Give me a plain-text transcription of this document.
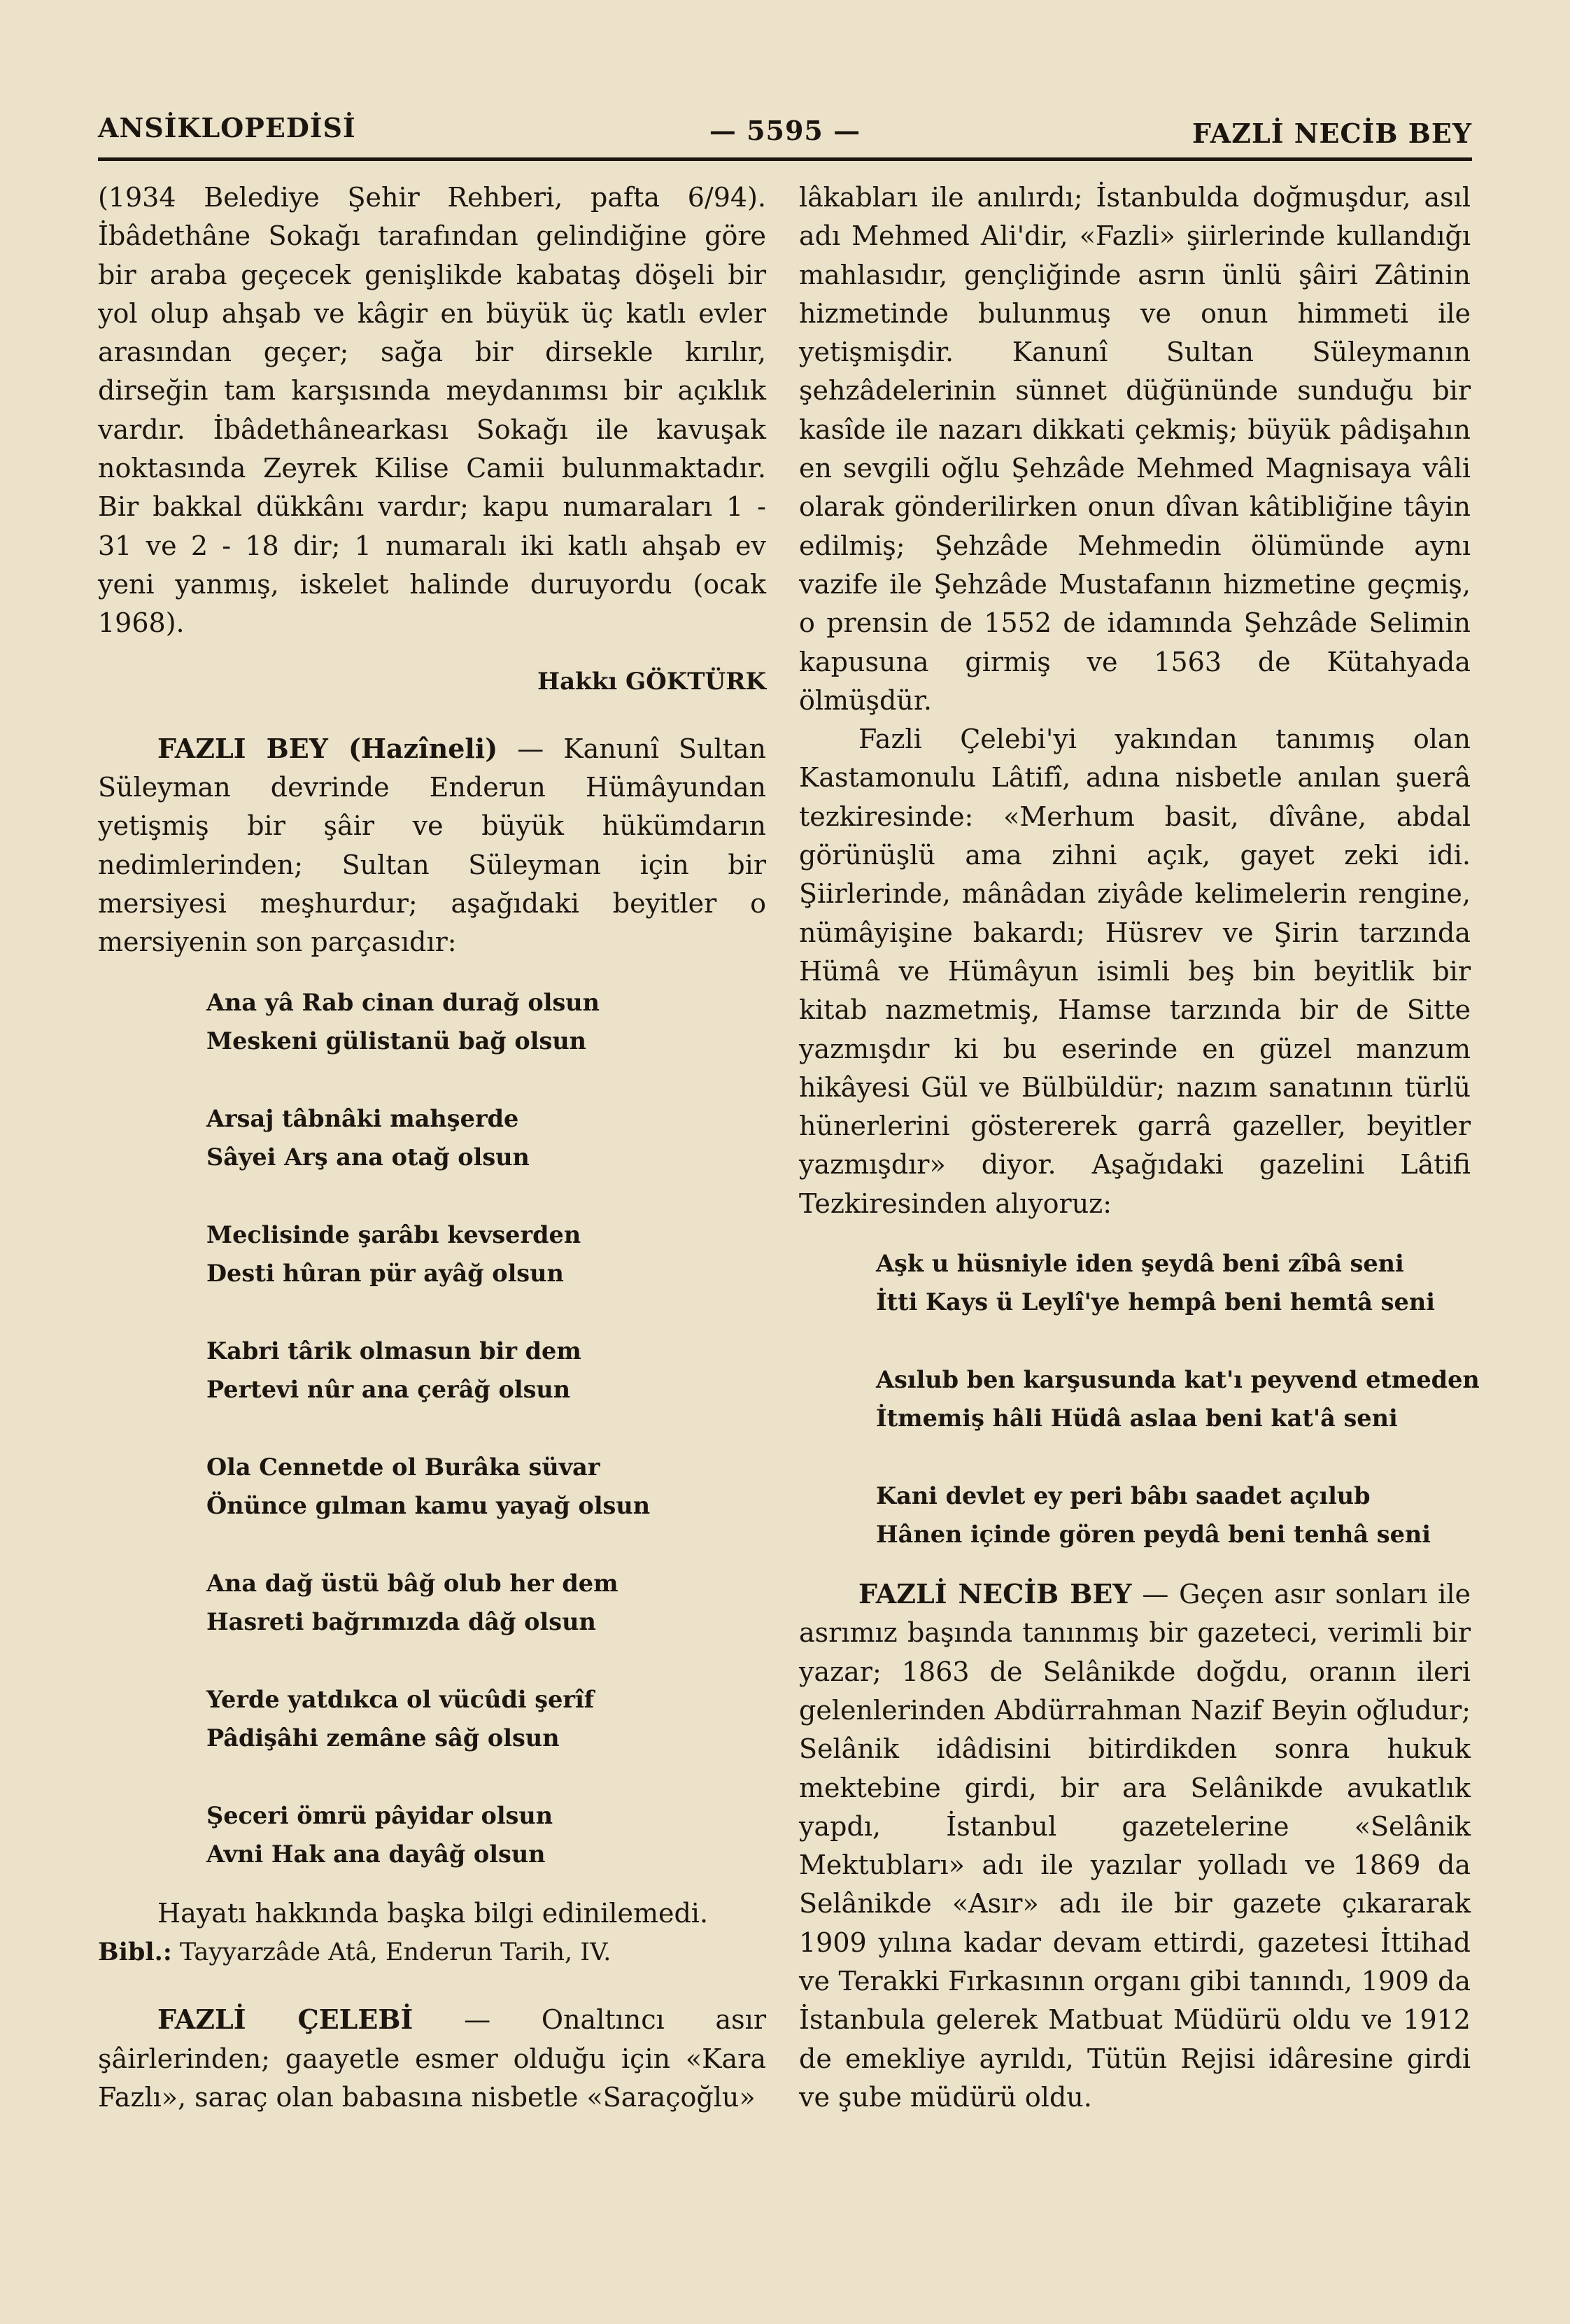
ANSİKLOPEDİSİ	— 5595 —	FAZLİ NECİB BEY

(1934 Belediye Şehir Rehberi, pafta 6/94). İbâdethâne Sokağı tarafından gelindiğine göre bir araba geçecek genişlikde kabataş döşeli bir yol olup ahşab ve kâgir en büyük üç katlı evler arasından geçer; sağa bir dirsekle kırılır, dirseğin tam karşısında meydanımsı bir açıklık vardır. İbâdethânearkası Sokağı ile kavuşak noktasında Zeyrek Kilise Camii bulunmaktadır. Bir bakkal dükkânı vardır; kapu numaraları 1 - 31 ve 2 - 18 dir; 1 numaralı iki katlı ahşab ev yeni yanmış, iskelet halinde duruyordu (ocak 1968).

Hakkı GÖKTÜRK

FAZLI BEY (Hazîneli) — Kanunî Sultan Süleyman devrinde Enderun Hümâyundan yetişmiş bir şâir ve büyük hükümdarın nedimlerinden; Sultan Süleyman için bir mersiyesi meşhurdur; aşağıdaki beyitler o mersiyenin son parçasıdır:

Ana yâ Rab cinan durağ olsun
Meskeni gülistanü bağ olsun
Arsaj tâbnâki mahşerde
Sâyei Arş ana otağ olsun
Meclisinde şarâbı kevserden
Desti hûran pür ayâğ olsun
Kabri târik olmasun bir dem
Pertevi nûr ana çerâğ olsun
Ola Cennetde ol Burâka süvar
Önünce gılman kamu yayağ olsun
Ana dağ üstü bâğ olub her dem
Hasreti bağrımızda dâğ olsun
Yerde yatdıkca ol vücûdi şerîf
Pâdişâhi zemâne sâğ olsun
Şeceri ömrü pâyidar olsun
Avni Hak ana dayâğ olsun

Hayatı hakkında başka bilgi edinilemedi.

Bibl.: Tayyarzâde Atâ, Enderun Tarih, IV.

FAZLİ ÇELEBİ — Onaltıncı asır şâirlerinden; gaayetle esmer olduğu için «Kara Fazlı», saraç olan babasına nisbetle «Saraçoğlu»

lâkabları ile anılırdı; İstanbulda doğmuşdur, asıl adı Mehmed Ali'dir, «Fazli» şiirlerinde kullandığı mahlasıdır, gençliğinde asrın ünlü şâiri Zâtinin hizmetinde bulunmuş ve onun himmeti ile yetişmişdir. Kanunî Sultan Süleymanın şehzâdelerinin sünnet düğününde sunduğu bir kasîde ile nazarı dikkati çekmiş; büyük pâdişahın en sevgili oğlu Şehzâde Mehmed Magnisaya vâli olarak gönderilirken onun dîvan kâtibliğine tâyin edilmiş; Şehzâde Mehmedin ölümünde aynı vazife ile Şehzâde Mustafanın hizmetine geçmiş, o prensin de 1552 de idamında Şehzâde Selimin kapusuna girmiş ve 1563 de Kütahyada ölmüşdür.

Fazli Çelebi'yi yakından tanımış olan Kastamonulu Lâtifî, adına nisbetle anılan şuerâ tezkiresinde: «Merhum basit, dîvâne, abdal görünüşlü ama zihni açık, gayet zeki idi. Şiirlerinde, mânâdan ziyâde kelimelerin rengine, nümâyişine bakardı; Hüsrev ve Şirin tarzında Hümâ ve Hümâyun isimli beş bin beyitlik bir kitab nazmetmiş, Hamse tarzında bir de Sitte yazmışdır ki bu eserinde en güzel manzum hikâyesi Gül ve Bülbüldür; nazım sanatının türlü hünerlerini göstererek garrâ gazeller, beyitler yazmışdır» diyor. Aşağıdaki gazelini Lâtifi Tezkiresinden alıyoruz:

Aşk u hüsniyle iden şeydâ beni zîbâ seni
İtti Kays ü Leylî'ye hempâ beni hemtâ seni
Asılub ben karşusunda kat'ı peyvend etmeden
İtmemiş hâli Hüdâ aslaa beni kat'â seni
Kani devlet ey peri bâbı saadet açılub
Hânen içinde gören peydâ beni tenhâ seni

FAZLİ NECİB BEY — Geçen asır sonları ile asrımız başında tanınmış bir gazeteci, verimli bir yazar; 1863 de Selânikde doğdu, oranın ileri gelenlerinden Abdürrahman Nazif Beyin oğludur; Selânik idâdisini bitirdikden sonra hukuk mektebine girdi, bir ara Selânikde avukatlık yapdı, İstanbul gazetelerine «Selânik Mektubları» adı ile yazılar yolladı ve 1869 da Selânikde «Asır» adı ile bir gazete çıkararak 1909 yılına kadar devam ettirdi, gazetesi İttihad ve Terakki Fırkasının organı gibi tanındı, 1909 da İstanbula gelerek Matbuat Müdürü oldu ve 1912 de emekliye ayrıldı, Tütün Rejisi idâresine girdi ve şube müdürü oldu.
